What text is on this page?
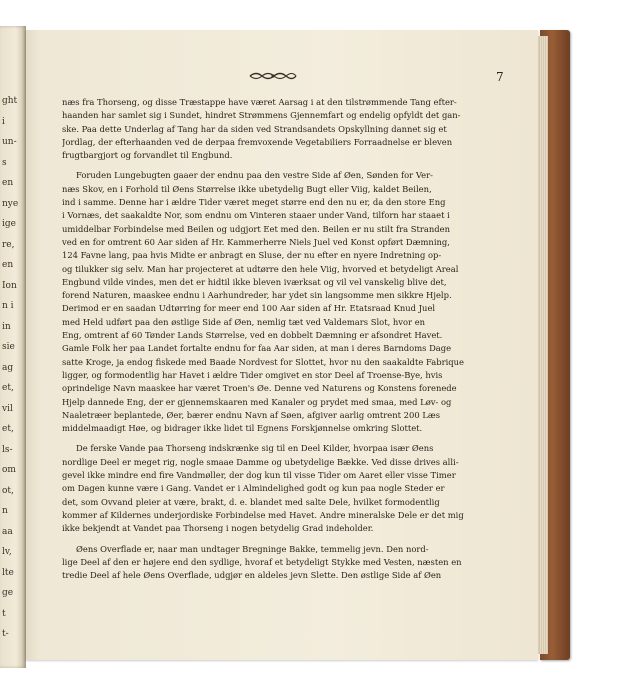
ght
i
un-
s
en
nye
ige
re,
en
Ion
n i
in
sie
ag
et,
vil
et,
ls-
om
ot,
n
aa
lv,
lte
ge
t
t-
7
næs fra Thorseng, og disse Træstappe have været Aarsag i at den tilstrømmende Tang efter-
haanden har samlet sig i Sundet, hindret Strømmens Gjennemfart og endelig opfyldt det gan-
ske. Paa dette Underlag af Tang har da siden ved Strandsandets Opskyllning dannet sig et
Jordlag, der efterhaanden ved de derpaa fremvoxende Vegetabiliers Forraadnelse er bleven
frugtbargjort og forvandlet til Engbund.
Foruden Lungebugten gaaer der endnu paa den vestre Side af Øen, Sønden for Ver-
næs Skov, en i Forhold til Øens Størrelse ikke ubetydelig Bugt eller Viig, kaldet Beilen,
ind i samme. Denne har i ældre Tider været meget større end den nu er, da den store Eng
i Vornæs, det saakaldte Nor, som endnu om Vinteren staaer under Vand, tilforn har staaet i
umiddelbar Forbindelse med Beilen og udgjort Eet med den. Beilen er nu stilt fra Stranden
ved en for omtrent 60 Aar siden af Hr. Kammerherre Niels Juel ved Konst opført Dæmning,
124 Favne lang, paa hvis Midte er anbragt en Sluse, der nu efter en nyere Indretning op-
og tilukker sig selv. Man har projecteret at udtørre den hele Viig, hvorved et betydeligt Areal
Engbund vilde vindes, men det er hidtil ikke bleven iværksat og vil vel vanskelig blive det,
forend Naturen, maaskee endnu i Aarhundreder, har ydet sin langsomme men sikkre Hjelp.
Derimod er en saadan Udtørring for meer end 100 Aar siden af Hr. Etatsraad Knud Juel
med Held udført paa den østlige Side af Øen, nemlig tæt ved Valdemars Slot, hvor en
Eng, omtrent af 60 Tønder Lands Størrelse, ved en dobbelt Dæmning er afsondret Havet.
Gamle Folk her paa Landet fortalte endnu for faa Aar siden, at man i deres Barndoms Dage
satte Kroge, ja endog fiskede med Baade Nordvest for Slottet, hvor nu den saakaldte Fabrique
ligger, og formodentlig har Havet i ældre Tider omgivet en stor Deel af Troense-Bye, hvis
oprindelige Navn maaskee har været Troen's Øe. Denne ved Naturens og Konstens forenede
Hjelp dannede Eng, der er gjennemskaaren med Kanaler og prydet med smaa, med Løv- og
Naaletræer beplantede, Øer, bærer endnu Navn af Søen, afgiver aarlig omtrent 200 Læs
middelmaadigt Høe, og bidrager ikke lidet til Egnens Forskjønnelse omkring Slottet.
De ferske Vande paa Thorseng indskrænke sig til en Deel Kilder, hvorpaa især Øens
nordlige Deel er meget rig, nogle smaae Damme og ubetydelige Bække. Ved disse drives alli-
gevel ikke mindre end fire Vandmøller, der dog kun til visse Tider om Aaret eller visse Timer
om Dagen kunne være i Gang. Vandet er i Almindelighed godt og kun paa nogle Steder er
det, som Ovvand pleier at være, brakt, d. e. blandet med salte Dele, hvilket formodentlig
kommer af Kildernes underjordiske Forbindelse med Havet. Andre mineralske Dele er det mig
ikke bekjendt at Vandet paa Thorseng i nogen betydelig Grad indeholder.
Øens Overflade er, naar man undtager Bregninge Bakke, temmelig jevn. Den nord-
lige Deel af den er højere end den sydlige, hvoraf et betydeligt Stykke med Vesten, næsten en
tredie Deel af hele Øens Overflade, udgjør en aldeles jevn Slette. Den østlige Side af Øen
